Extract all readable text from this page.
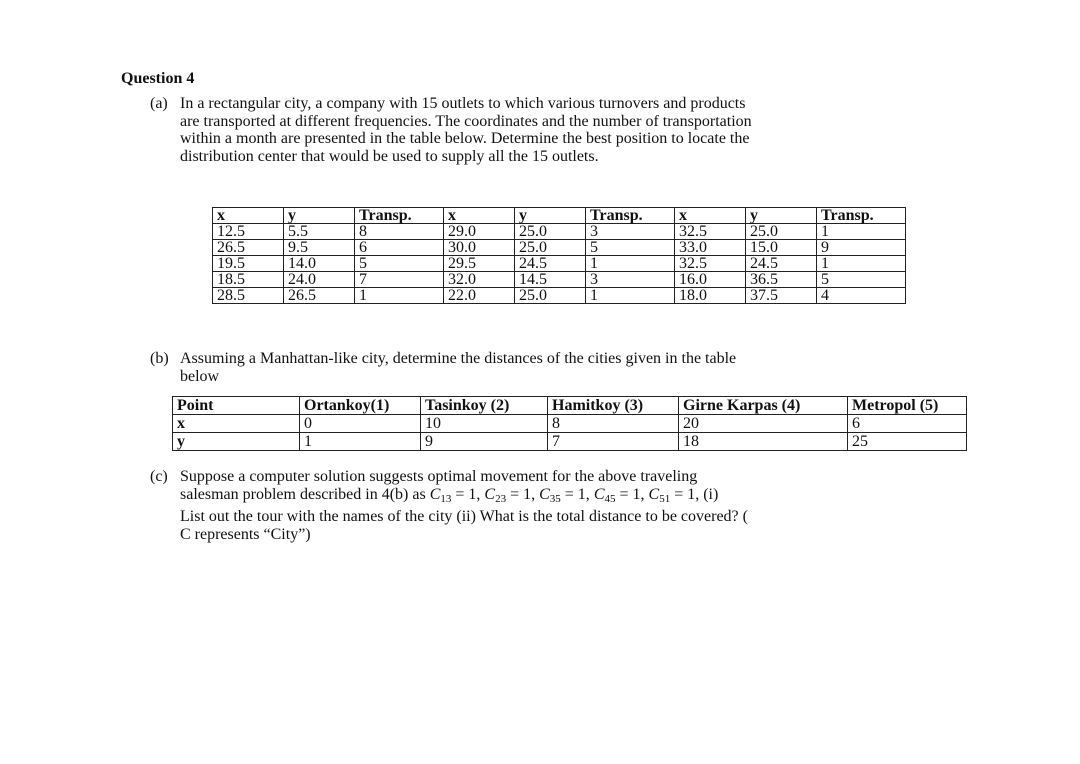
Question 4
(a) In a rectangular city, a company with 15 outlets to which various turnovers and products
are transported at different frequencies. The coordinates and the number of transportation
within a month are presented in the table below. Determine the best position to locate the
distribution center that would be used to supply all the 15 outlets.
x	y	Transp.	x	y	Transp.	x	y	Transp.
12.5	5.5	8	29.0	25.0	3	32.5	25.0	1
26.5	9.5	6	30.0	25.0	5	33.0	15.0	9
19.5	14.0	5	29.5	24.5	1	32.5	24.5	1
18.5	24.0	7	32.0	14.5	3	16.0	36.5	5
28.5	26.5	1	22.0	25.0	1	18.0	37.5	4
(b) Assuming a Manhattan-like city, determine the distances of the cities given in the table
below
Point	Ortankoy(1)	Tasinkoy (2)	Hamitkoy (3)	Girne Karpas (4)	Metropol (5)
x	0	10	8	20	6
y	1	9	7	18	25
(c) Suppose a computer solution suggests optimal movement for the above traveling
salesman problem described in 4(b) as $C_{13} = 1$, $C_{23} = 1$, $C_{35} = 1$, $C_{45} = 1$, $C_{51} = 1$, (i)
List out the tour with the names of the city (ii) What is the total distance to be covered? (
C represents “City”)
